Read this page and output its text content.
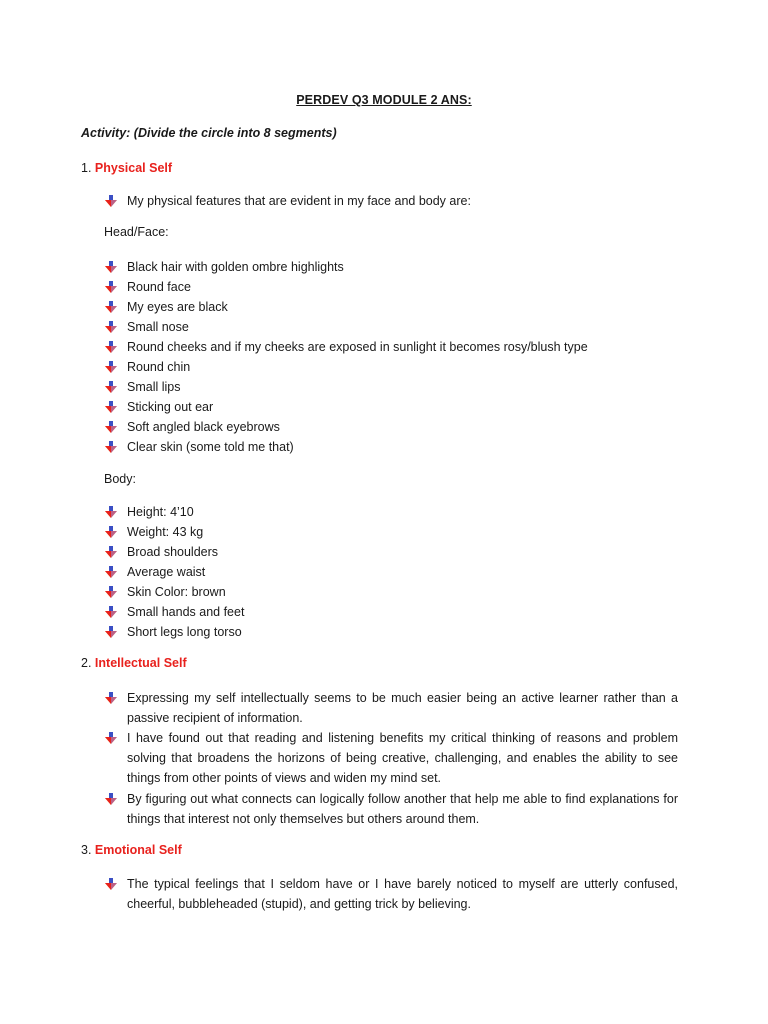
PERDEV Q3 MODULE 2 ANS:
Activity: (Divide the circle into 8 segments)
1. Physical Self
My physical features that are evident in my face and body are:
Head/Face:
Black hair with golden ombre highlights
Round face
My eyes are black
Small nose
Round cheeks and if my cheeks are exposed in sunlight it becomes rosy/blush type
Round chin
Small lips
Sticking out ear
Soft angled black eyebrows
Clear skin (some told me that)
Body:
Height: 4’10
Weight: 43 kg
Broad shoulders
Average waist
Skin Color: brown
Small hands and feet
Short legs long torso
2. Intellectual Self
Expressing my self intellectually seems to be much easier being an active learner rather than a passive recipient of information.
I have found out that reading and listening benefits my critical thinking of reasons and problem solving that broadens the horizons of being creative, challenging, and enables the ability to see things from other points of views and widen my mind set.
By figuring out what connects can logically follow another that help me able to find explanations for things that interest not only themselves but others around them.
3. Emotional Self
The typical feelings that I seldom have or I have barely noticed to myself are utterly confused, cheerful, bubbleheaded (stupid), and getting trick by believing.
